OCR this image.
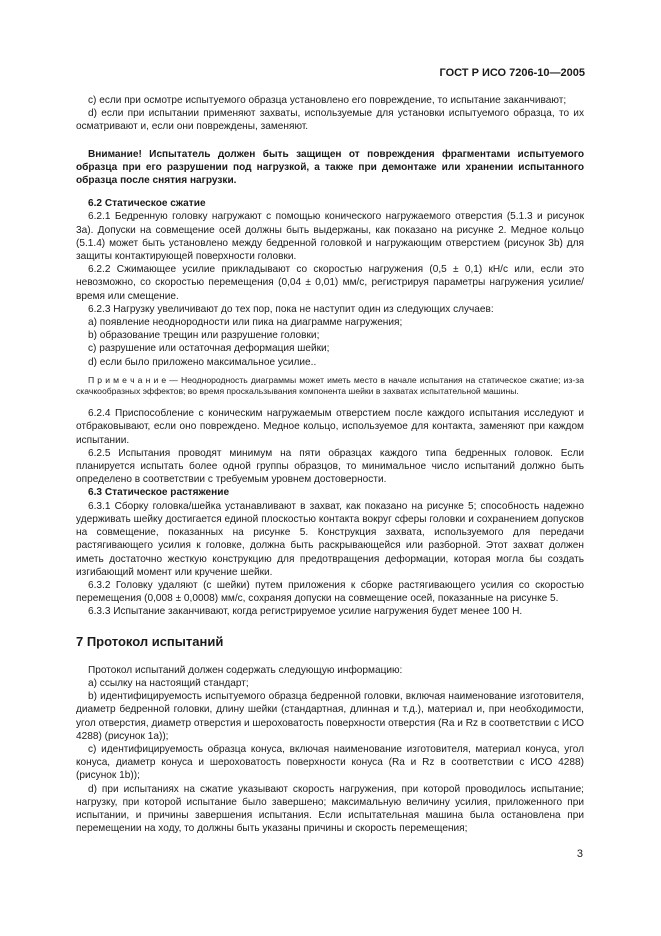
ГОСТ Р ИСО 7206-10—2005

c) если при осмотре испытуемого образца установлено его повреждение, то испытание заканчивают;

d) если при испытании применяют захваты, используемые для установки испытуемого образца, то их осматривают и, если они повреждены, заменяют.

Внимание! Испытатель должен быть защищен от повреждения фрагментами испытуемого образца при его разрушении под нагрузкой, а также при демонтаже или хранении испытанного образца после снятия нагрузки.

6.2 Статическое сжатие

6.2.1 Бедренную головку нагружают с помощью конического нагружаемого отверстия (5.1.3 и рисунок 3а). Допуски на совмещение осей должны быть выдержаны, как показано на рисунке 2. Медное кольцо (5.1.4) может быть установлено между бедренной головкой и нагружающим отверстием (рисунок 3b) для защиты контактирующей поверхности головки.

6.2.2 Сжимающее усилие прикладывают со скоростью нагружения (0,5 ± 0,1) кН/с или, если это невозможно, со скоростью перемещения (0,04 ± 0,01) мм/с, регистрируя параметры нагружения усилие/время или смещение.

6.2.3 Нагрузку увеличивают до тех пор, пока не наступит один из следующих случаев:

a) появление неоднородности или пика на диаграмме нагружения;

b) образование трещин или разрушение головки;

c) разрушение или остаточная деформация шейки;

d) если было приложено максимальное усилие..

П р и м е ч а н и е — Неоднородность диаграммы может иметь место в начале испытания на статическое сжатие; из-за скачкообразных эффектов; во время проскальзывания компонента шейки в захватах испытательной машины.

6.2.4 Приспособление с коническим нагружаемым отверстием после каждого испытания исследуют и отбраковывают, если оно повреждено. Медное кольцо, используемое для контакта, заменяют при каждом испытании.

6.2.5 Испытания проводят минимум на пяти образцах каждого типа бедренных головок. Если планируется испытать более одной группы образцов, то минимальное число испытаний должно быть определено в соответствии с требуемым уровнем достоверности.

6.3 Статическое растяжение

6.3.1 Сборку головка/шейка устанавливают в захват, как показано на рисунке 5; способность надежно удерживать шейку достигается единой плоскостью контакта вокруг сферы головки и сохранением допусков на совмещение, показанных на рисунке 5. Конструкция захвата, используемого для передачи растягивающего усилия к головке, должна быть раскрывающейся или разборной. Этот захват должен иметь достаточно жесткую конструкцию для предотвращения деформации, которая могла бы создать изгибающий момент или кручение шейки.

6.3.2 Головку удаляют (с шейки) путем приложения к сборке растягивающего усилия со скоростью перемещения (0,008 ± 0,0008) мм/с, сохраняя допуски на совмещение осей, показанные на рисунке 5.

6.3.3 Испытание заканчивают, когда регистрируемое усилие нагружения будет менее 100 Н.

7 Протокол испытаний

Протокол испытаний должен содержать следующую информацию:

a) ссылку на настоящий стандарт;

b) идентифицируемость испытуемого образца бедренной головки, включая наименование изготовителя, диаметр бедренной головки, длину шейки (стандартная, длинная и т.д.), материал и, при необходимости, угол отверстия, диаметр отверстия и шероховатость поверхности отверстия (Ra и Rz в соответствии с ИСО 4288) (рисунок 1a));

c) идентифицируемость образца конуса, включая наименование изготовителя, материал конуса, угол конуса, диаметр конуса и шероховатость поверхности конуса (Ra и Rz в соответствии с ИСО 4288) (рисунок 1b));

d) при испытаниях на сжатие указывают скорость нагружения, при которой проводилось испытание; нагрузку, при которой испытание было завершено; максимальную величину усилия, приложенного при испытании, и причины завершения испытания. Если испытательная машина была остановлена при перемещении на ходу, то должны быть указаны причины и скорость перемещения;

3
